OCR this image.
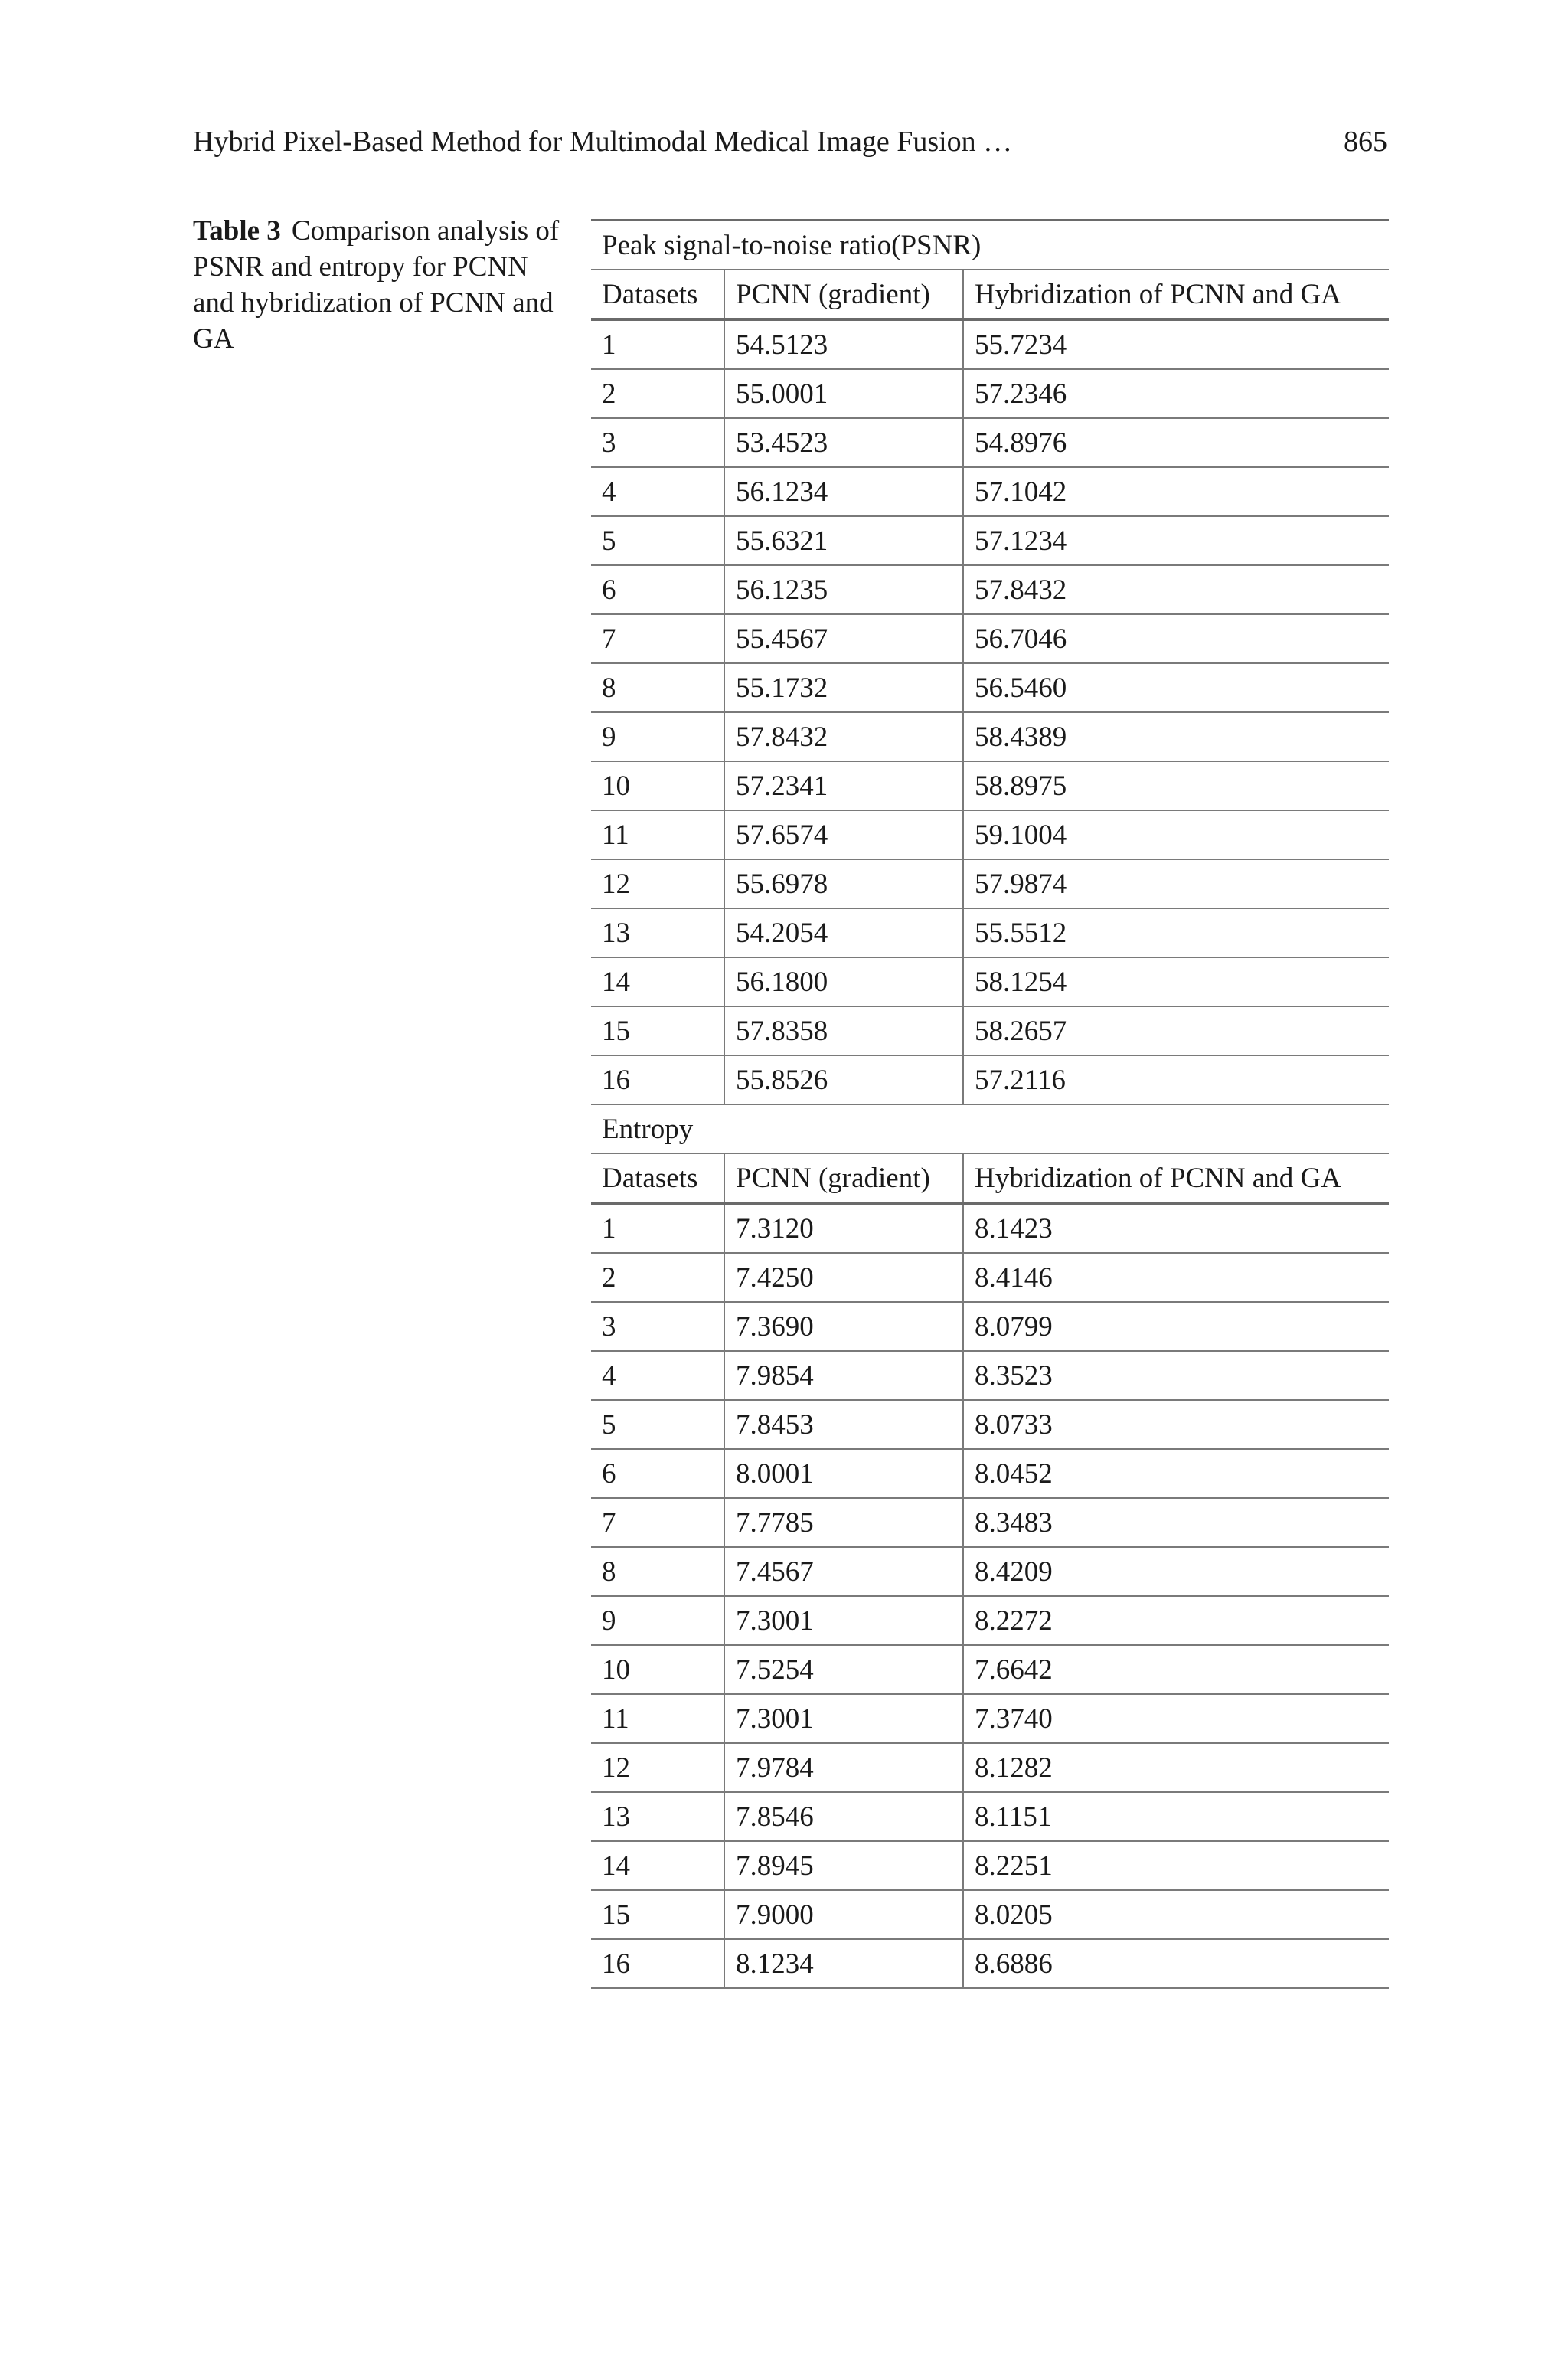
Hybrid Pixel-Based Method for Multimodal Medical Image Fusion …	865
Table 3 Comparison analysis of PSNR and entropy for PCNN and hybridization of PCNN and GA
Peak signal-to-noise ratio(PSNR)		
Datasets	PCNN (gradient)	Hybridization of PCNN and GA
1	54.5123	55.7234
2	55.0001	57.2346
3	53.4523	54.8976
4	56.1234	57.1042
5	55.6321	57.1234
6	56.1235	57.8432
7	55.4567	56.7046
8	55.1732	56.5460
9	57.8432	58.4389
10	57.2341	58.8975
11	57.6574	59.1004
12	55.6978	57.9874
13	54.2054	55.5512
14	56.1800	58.1254
15	57.8358	58.2657
16	55.8526	57.2116
Entropy		
Datasets	PCNN (gradient)	Hybridization of PCNN and GA
1	7.3120	8.1423
2	7.4250	8.4146
3	7.3690	8.0799
4	7.9854	8.3523
5	7.8453	8.0733
6	8.0001	8.0452
7	7.7785	8.3483
8	7.4567	8.4209
9	7.3001	8.2272
10	7.5254	7.6642
11	7.3001	7.3740
12	7.9784	8.1282
13	7.8546	8.1151
14	7.8945	8.2251
15	7.9000	8.0205
16	8.1234	8.6886
